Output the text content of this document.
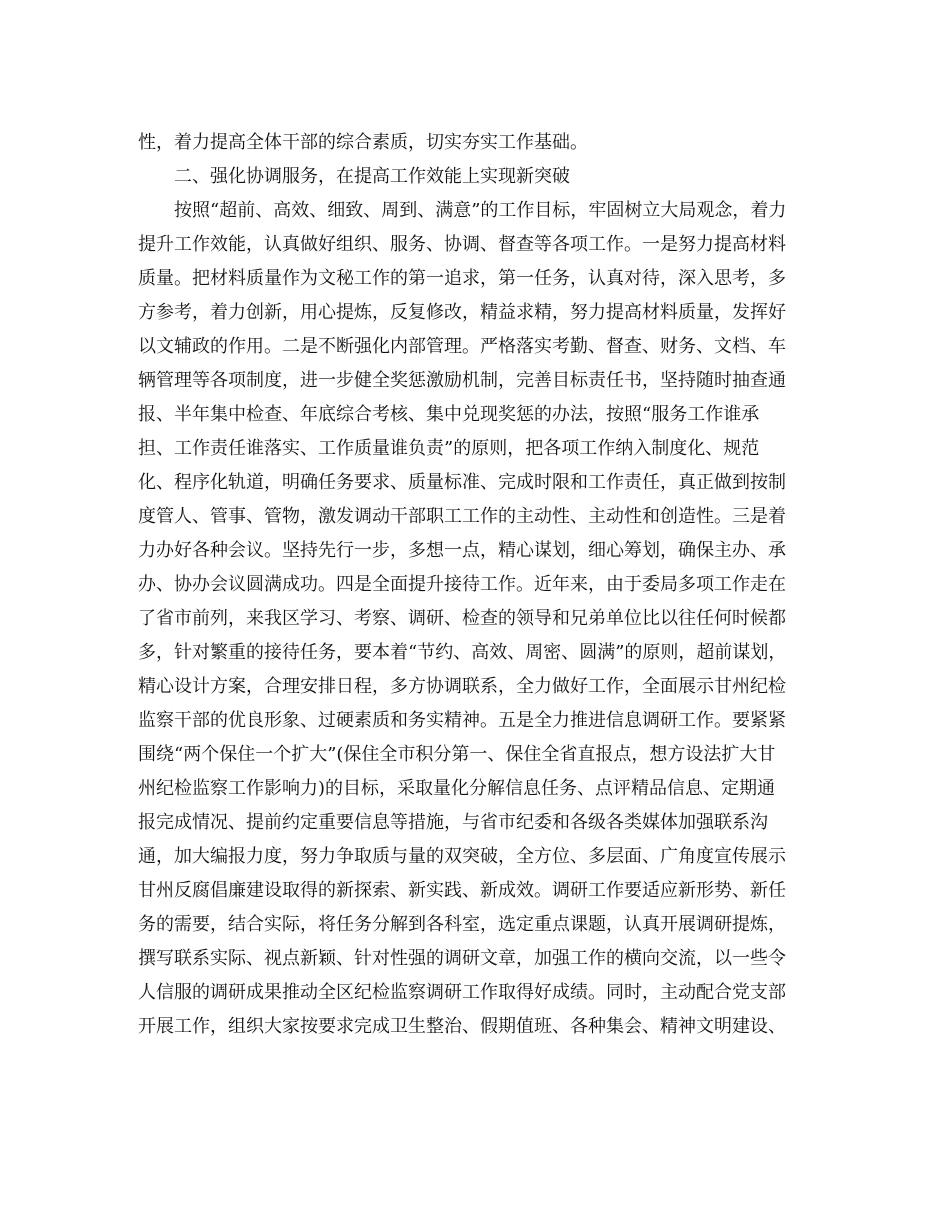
性，着力提高全体干部的综合素质，切实夯实工作基础。
二、强化协调服务，在提高工作效能上实现新突破
按照“超前、高效、细致、周到、满意”的工作目标，牢固树立大局观念，着力
提升工作效能，认真做好组织、服务、协调、督查等各项工作。一是努力提高材料
质量。把材料质量作为文秘工作的第一追求，第一任务，认真对待，深入思考，多
方参考，着力创新，用心提炼，反复修改，精益求精，努力提高材料质量，发挥好
以文辅政的作用。二是不断强化内部管理。严格落实考勤、督查、财务、文档、车
辆管理等各项制度，进一步健全奖惩激励机制，完善目标责任书，坚持随时抽查通
报、半年集中检查、年底综合考核、集中兑现奖惩的办法，按照“服务工作谁承
担、工作责任谁落实、工作质量谁负责”的原则，把各项工作纳入制度化、规范
化、程序化轨道，明确任务要求、质量标准、完成时限和工作责任，真正做到按制
度管人、管事、管物，激发调动干部职工工作的主动性、主动性和创造性。三是着
力办好各种会议。坚持先行一步，多想一点，精心谋划，细心筹划，确保主办、承
办、协办会议圆满成功。四是全面提升接待工作。近年来，由于委局多项工作走在
了省市前列，来我区学习、考察、调研、检查的领导和兄弟单位比以往任何时候都
多，针对繁重的接待任务，要本着“节约、高效、周密、圆满”的原则，超前谋划，
精心设计方案，合理安排日程，多方协调联系，全力做好工作，全面展示甘州纪检
监察干部的优良形象、过硬素质和务实精神。五是全力推进信息调研工作。要紧紧
围绕“两个保住一个扩大”(保住全市积分第一、保住全省直报点，想方设法扩大甘
州纪检监察工作影响力)的目标，采取量化分解信息任务、点评精品信息、定期通
报完成情况、提前约定重要信息等措施，与省市纪委和各级各类媒体加强联系沟
通，加大编报力度，努力争取质与量的双突破，全方位、多层面、广角度宣传展示
甘州反腐倡廉建设取得的新探索、新实践、新成效。调研工作要适应新形势、新任
务的需要，结合实际，将任务分解到各科室，选定重点课题，认真开展调研提炼，
撰写联系实际、视点新颖、针对性强的调研文章，加强工作的横向交流，以一些令
人信服的调研成果推动全区纪检监察调研工作取得好成绩。同时，主动配合党支部
开展工作，组织大家按要求完成卫生整治、假期值班、各种集会、精神文明建设、
